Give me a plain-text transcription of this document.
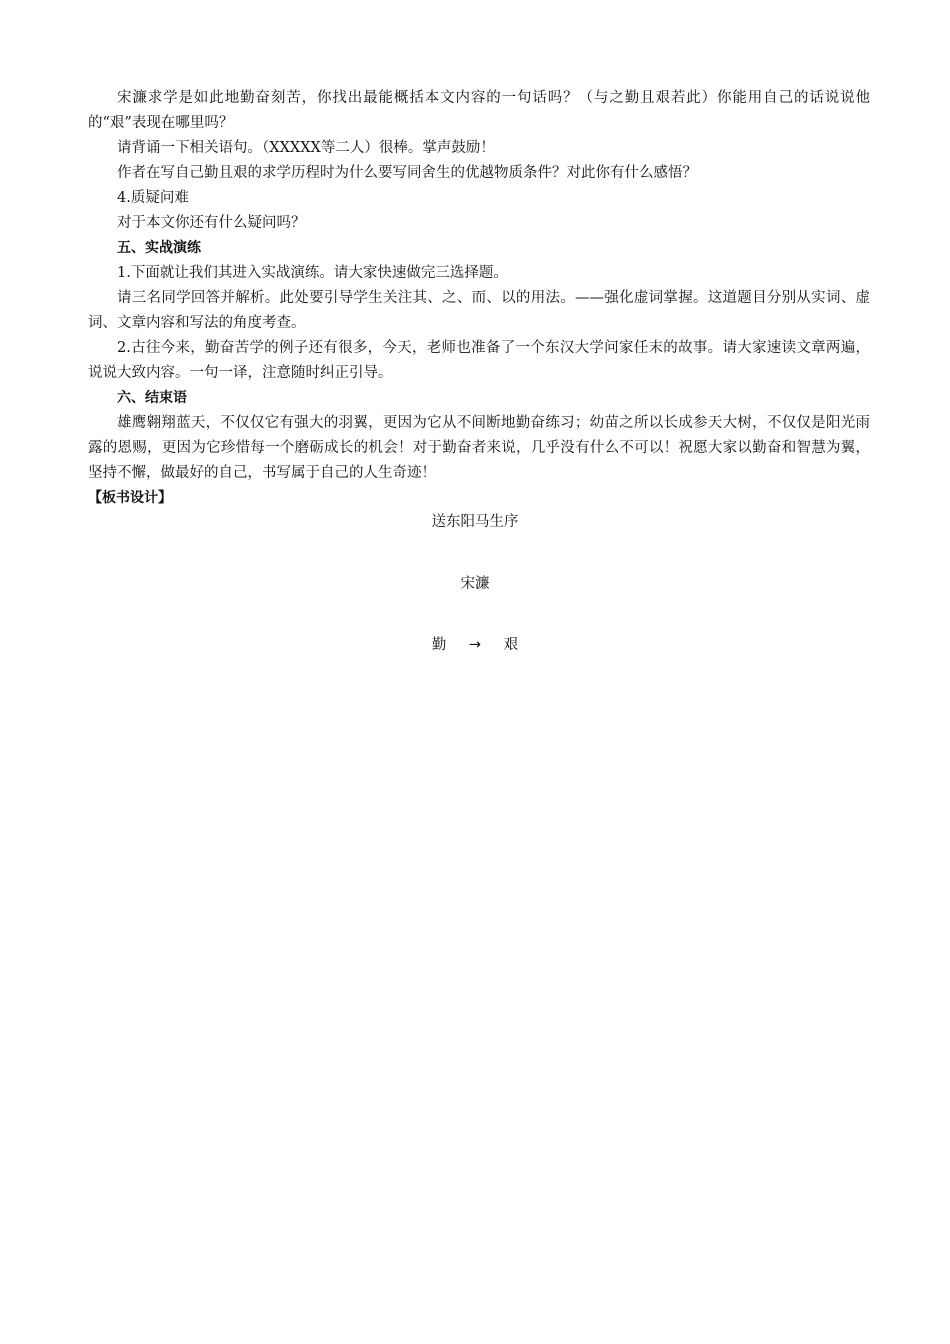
宋濂求学是如此地勤奋刻苦，你找出最能概括本文内容的一句话吗？（与之勤且艰若此）你能用自己的话说说他的“艰”表现在哪里吗？

请背诵一下相关语句。（XXXXX等二人）很棒。掌声鼓励！

作者在写自己勤且艰的求学历程时为什么要写同舍生的优越物质条件？对此你有什么感悟？

4.质疑问难

对于本文你还有什么疑问吗？

五、实战演练

1.下面就让我们其进入实战演练。请大家快速做完三选择题。

请三名同学回答并解析。此处要引导学生关注其、之、而、以的用法。——强化虚词掌握。这道题目分别从实词、虚词、文章内容和写法的角度考查。

2.古往今来，勤奋苦学的例子还有很多，今天，老师也准备了一个东汉大学问家任末的故事。请大家速读文章两遍，说说大致内容。一句一译，注意随时纠正引导。

六、结束语

雄鹰翱翔蓝天，不仅仅它有强大的羽翼，更因为它从不间断地勤奋练习；幼苗之所以长成参天大树，不仅仅是阳光雨露的恩赐，更因为它珍惜每一个磨砺成长的机会！对于勤奋者来说，几乎没有什么不可以！祝愿大家以勤奋和智慧为翼，坚持不懈，做最好的自己，书写属于自己的人生奇迹！

【板书设计】

送东阳马生序
宋濂
勤 → 艰
